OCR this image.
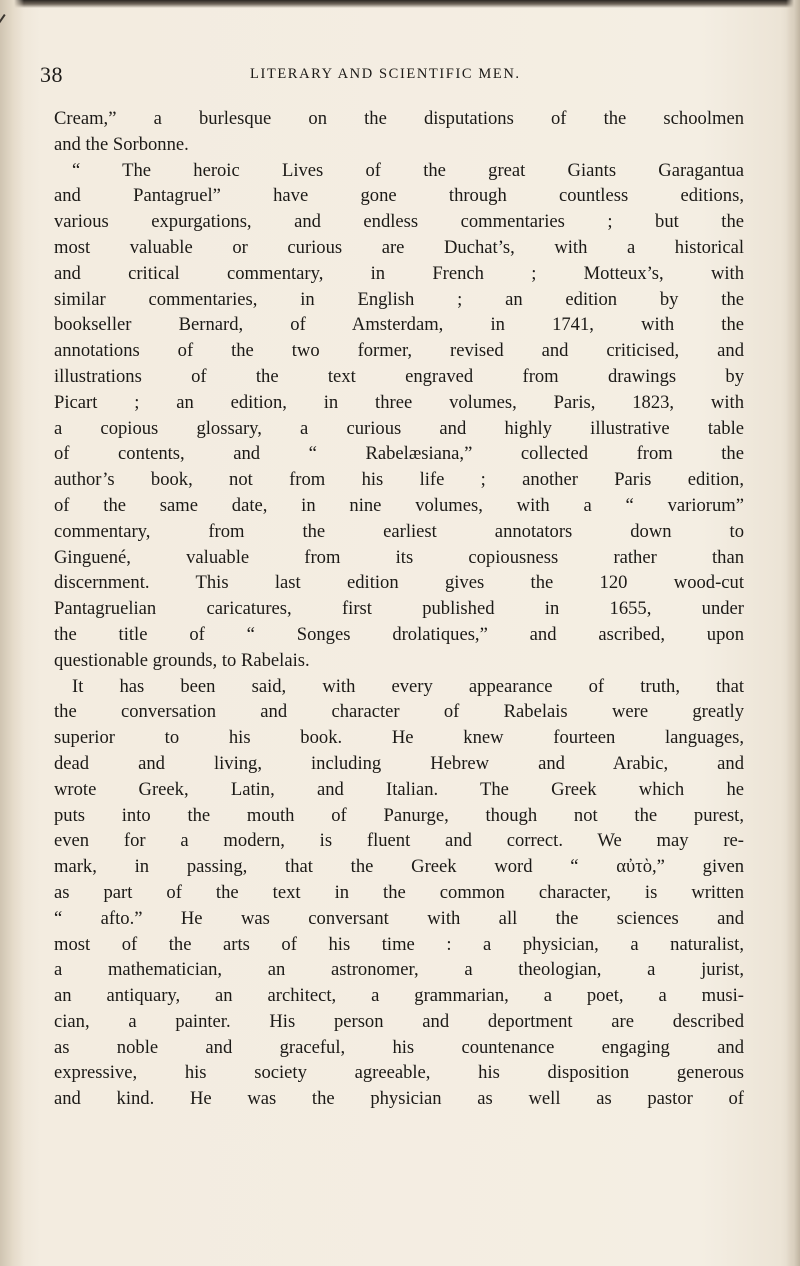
38	LITERARY AND SCIENTIFIC MEN.
Cream,” a burlesque on the disputations of the schoolmen
and the Sorbonne.
“ The heroic Lives of the great Giants Garagantua
and Pantagruel” have gone through countless editions,
various expurgations, and endless commentaries ; but the
most valuable or curious are Duchat’s, with a historical
and critical commentary, in French ; Motteux’s, with
similar commentaries, in English ; an edition by the
bookseller Bernard, of Amsterdam, in 1741, with the
annotations of the two former, revised and criticised, and
illustrations of the text engraved from drawings by
Picart ; an edition, in three volumes, Paris, 1823, with
a copious glossary, a curious and highly illustrative table
of contents, and “ Rabelæsiana,” collected from the
author’s book, not from his life ; another Paris edition,
of the same date, in nine volumes, with a “ variorum”
commentary, from the earliest annotators down to
Ginguené, valuable from its copiousness rather than
discernment. This last edition gives the 120 wood-cut
Pantagruelian caricatures, first published in 1655, under
the title of “ Songes drolatiques,” and ascribed, upon
questionable grounds, to Rabelais.
It has been said, with every appearance of truth, that
the conversation and character of Rabelais were greatly
superior to his book. He knew fourteen languages,
dead and living, including Hebrew and Arabic, and
wrote Greek, Latin, and Italian. The Greek which he
puts into the mouth of Panurge, though not the purest,
even for a modern, is fluent and correct. We may re-
mark, in passing, that the Greek word “ αὐτὸ,” given
as part of the text in the common character, is written
“ afto.” He was conversant with all the sciences and
most of the arts of his time : a physician, a naturalist,
a mathematician, an astronomer, a theologian, a jurist,
an antiquary, an architect, a grammarian, a poet, a musi-
cian, a painter. His person and deportment are described
as noble and graceful, his countenance engaging and
expressive, his society agreeable, his disposition generous
and kind. He was the physician as well as pastor of
